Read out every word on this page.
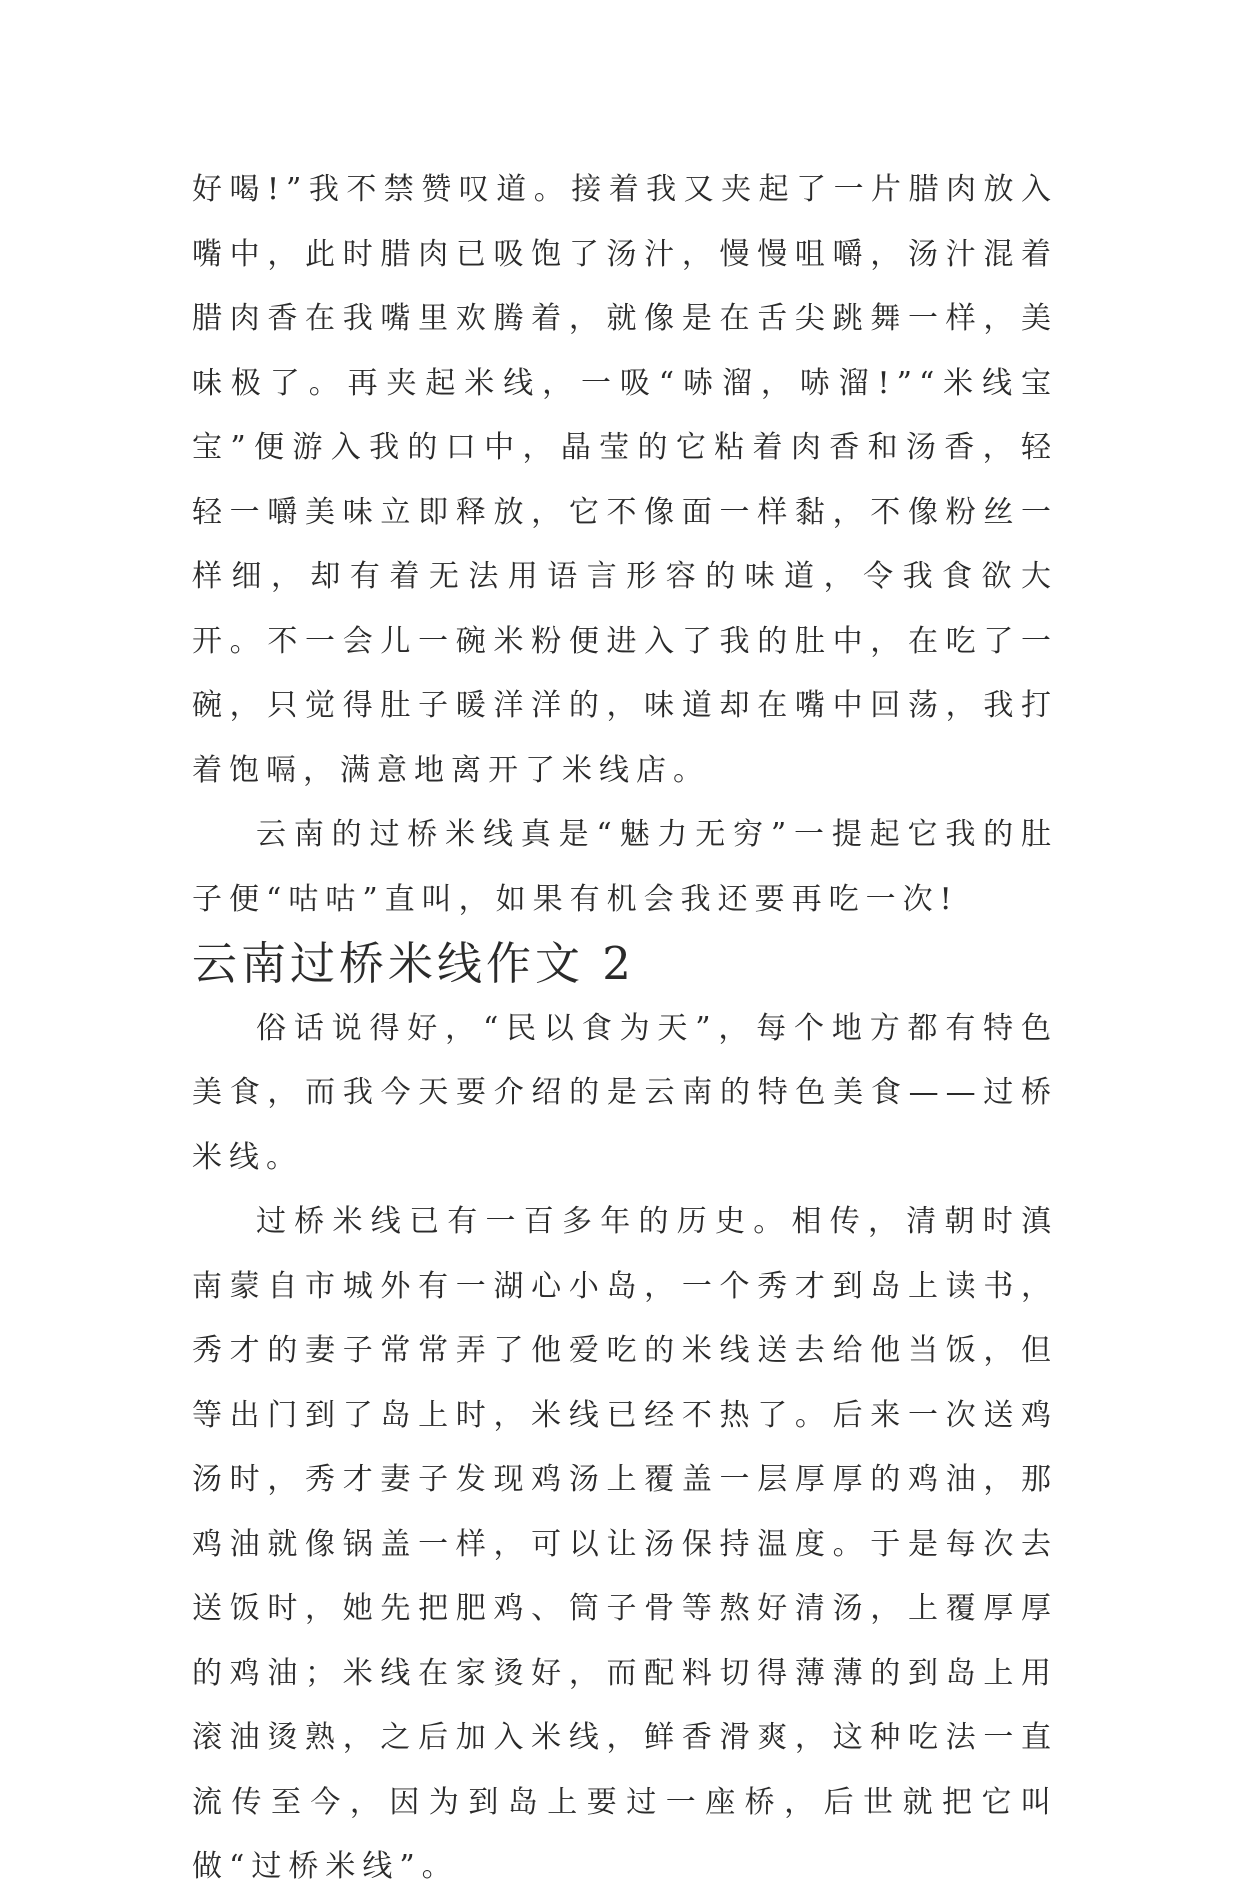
好喝!”我不禁赞叹道。接着我又夹起了一片腊肉放入嘴中，此时腊肉已吸饱了汤汁，慢慢咀嚼，汤汁混着腊肉香在我嘴里欢腾着，就像是在舌尖跳舞一样，美味极了。再夹起米线，一吸“哧溜，哧溜!”“米线宝宝”便游入我的口中，晶莹的它粘着肉香和汤香，轻轻一嚼美味立即释放，它不像面一样黏，不像粉丝一样细，却有着无法用语言形容的味道，令我食欲大开。不一会儿一碗米粉便进入了我的肚中，在吃了一碗，只觉得肚子暖洋洋的，味道却在嘴中回荡，我打着饱嗝，满意地离开了米线店。

云南的过桥米线真是“魅力无穷”一提起它我的肚子便“咕咕”直叫，如果有机会我还要再吃一次!

云南过桥米线作文 2

俗话说得好，“民以食为天”，每个地方都有特色美食，而我今天要介绍的是云南的特色美食——过桥米线。

过桥米线已有一百多年的历史。相传，清朝时滇南蒙自市城外有一湖心小岛，一个秀才到岛上读书，秀才的妻子常常弄了他爱吃的米线送去给他当饭，但等出门到了岛上时，米线已经不热了。后来一次送鸡汤时，秀才妻子发现鸡汤上覆盖一层厚厚的鸡油，那鸡油就像锅盖一样，可以让汤保持温度。于是每次去送饭时，她先把肥鸡、筒子骨等熬好清汤，上覆厚厚的鸡油；米线在家烫好，而配料切得薄薄的到岛上用滚油烫熟，之后加入米线，鲜香滑爽，这种吃法一直流传至今，因为到岛上要过一座桥，后世就把它叫做“过桥米线”。
